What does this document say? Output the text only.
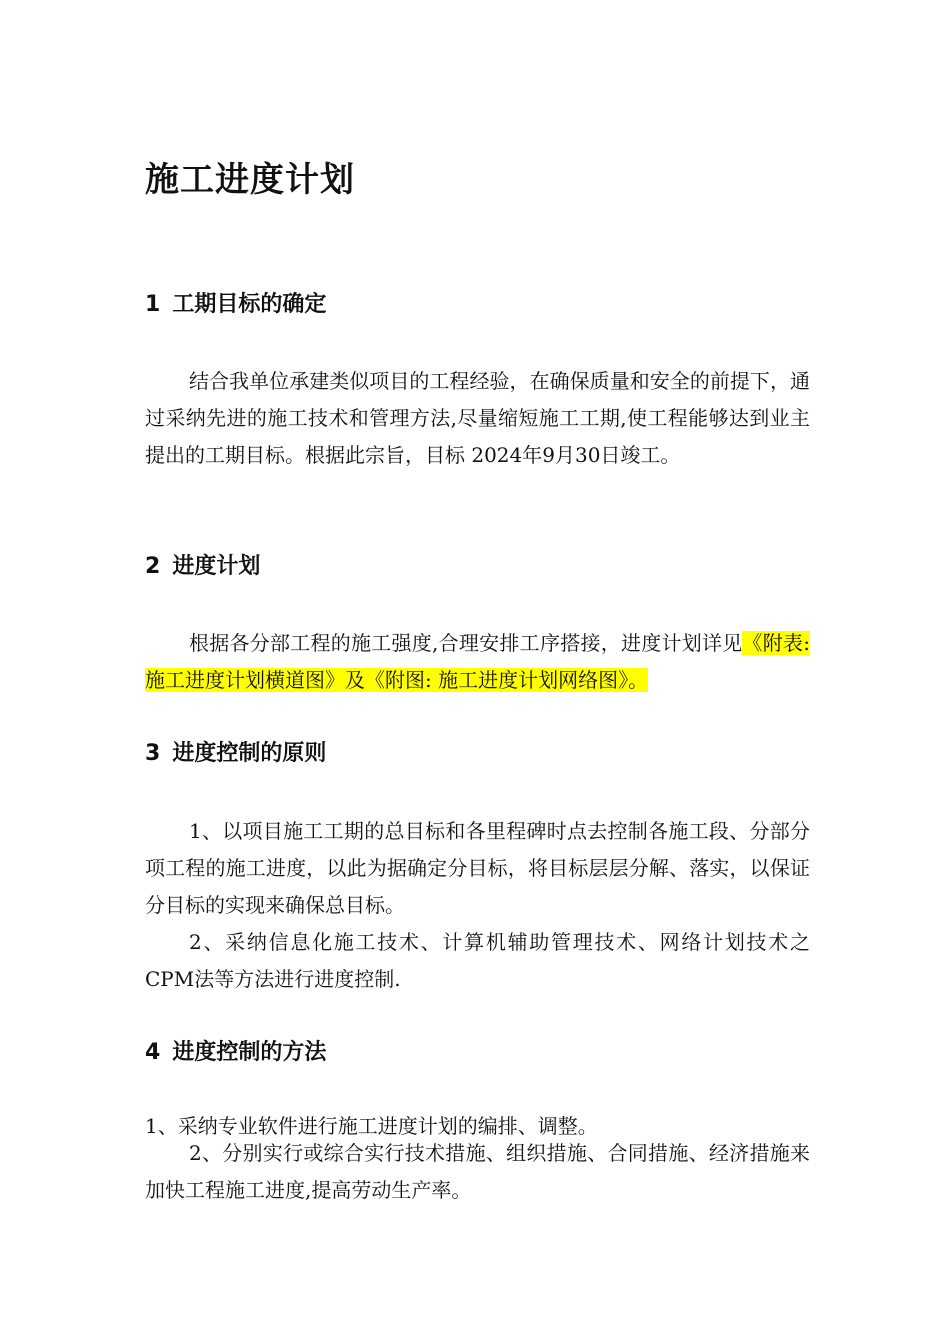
施工进度计划
1 工期目标的确定
结合我单位承建类似项目的工程经验，在确保质量和安全的前提下，通过采纳先进的施工技术和管理方法,尽量缩短施工工期,使工程能够达到业主提出的工期目标。根据此宗旨，目标 2024年9月30日竣工。
2 进度计划
根据各分部工程的施工强度,合理安排工序搭接，进度计划详见《附表: 施工进度计划横道图》及《附图: 施工进度计划网络图》。
3 进度控制的原则
1、以项目施工工期的总目标和各里程碑时点去控制各施工段、分部分项工程的施工进度，以此为据确定分目标，将目标层层分解、落实，以保证分目标的实现来确保总目标。
2、采纳信息化施工技术、计算机辅助管理技术、网络计划技术之CPM法等方法进行进度控制.
4 进度控制的方法
1、采纳专业软件进行施工进度计划的编排、调整。
2、分别实行或综合实行技术措施、组织措施、合同措施、经济措施来加快工程施工进度,提高劳动生产率。
